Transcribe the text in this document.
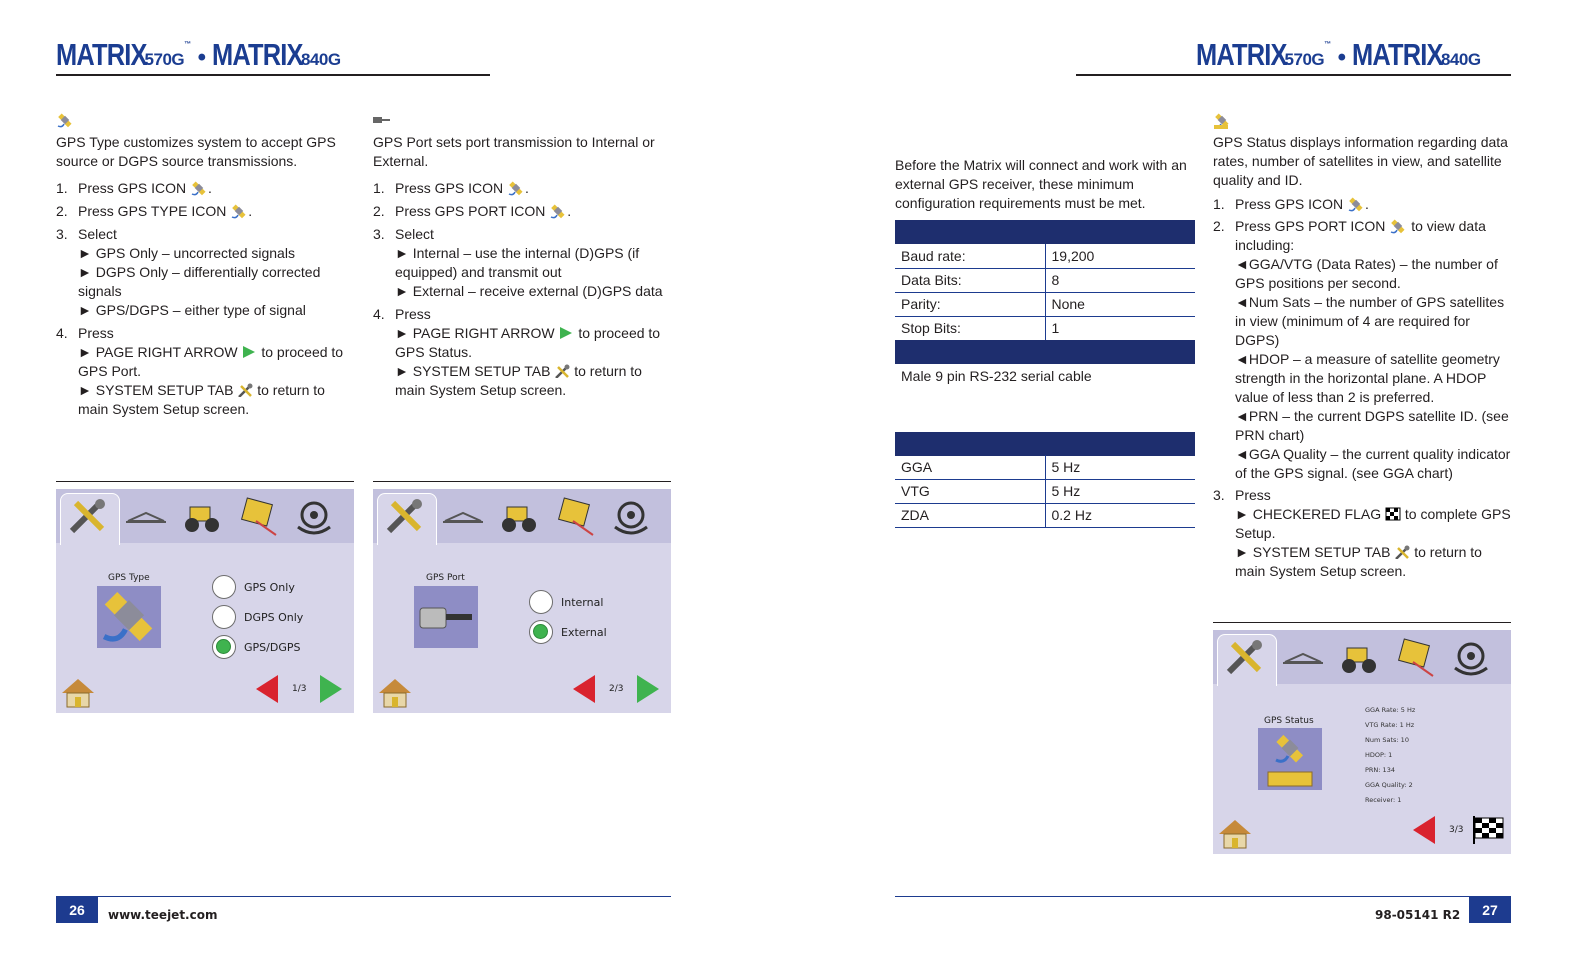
MATRIX570G™ • MATRIX840G	MATRIX570G™ • MATRIX840G

GPS Type customizes system to accept GPS source or DGPS source transmissions.

1. Press GPS ICON .
2. Press GPS TYPE ICON .
3. Select
► GPS Only – uncorrected signals
► DGPS Only – differentially corrected signals
► GPS/DGPS – either type of signal
4. Press
► PAGE RIGHT ARROW to proceed to GPS Port.
► SYSTEM SETUP TAB to return to main System Setup screen.

GPS Port sets port transmission to Internal or External.

1. Press GPS ICON .
2. Press GPS PORT ICON .
3. Select
► Internal – use the internal (D)GPS (if equipped) and transmit out
► External – receive external (D)GPS data
4. Press
► PAGE RIGHT ARROW to proceed to GPS Status.
► SYSTEM SETUP TAB to return to main System Setup screen.
Before the Matrix will connect and work with an external GPS receiver, these minimum configuration requirements must be met.
Baud rate:	19,200
Data Bits:	8
Parity:	None
Stop Bits:	1
Male 9 pin RS-232 serial cable
GGA	5 Hz
VTG	5 Hz
ZDA	0.2 Hz

GPS Status displays information regarding data rates, number of satellites in view, and satellite quality and ID.

1. Press GPS ICON .
2. Press GPS PORT ICON to view data including:
◄GGA/VTG (Data Rates) – the number of GPS positions per second.
◄Num Sats – the number of GPS satellites in view (minimum of 4 are required for DGPS)
◄HDOP – a measure of satellite geometry strength in the horizontal plane. A HDOP value of less than 2 is preferred.
◄PRN – the current DGPS satellite ID. (see PRN chart)
◄GGA Quality – the current quality indicator of the GPS signal. (see GGA chart)
3. Press
► CHECKERED FLAG to complete GPS Setup.
► SYSTEM SETUP TAB to return to main System Setup screen.
GPS Type
GPS Only
DGPS Only
GPS/DGPS
1/3
GPS Port
Internal
External
2/3
GPS Status
GGA Rate: 5 Hz
VTG Rate: 1 Hz
Num Sats: 10
HDOP: 1
PRN: 134
GGA Quality: 2
Receiver: 1
3/3
26	www.teejet.com	98-05141 R2	27
